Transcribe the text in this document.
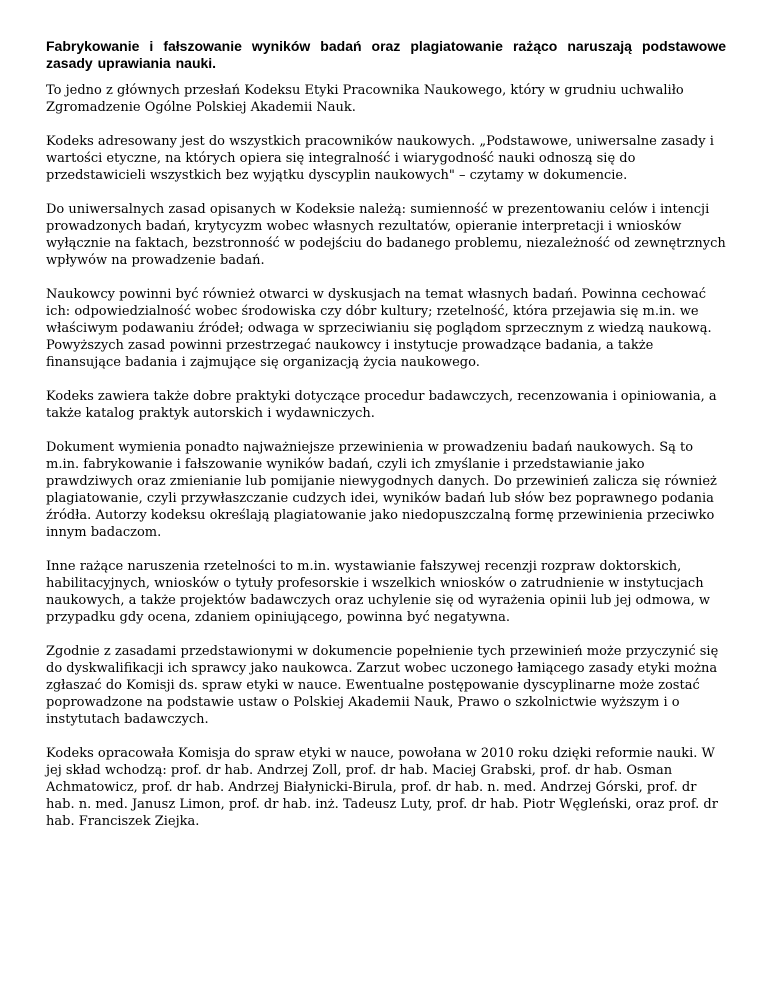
Fabrykowanie i fałszowanie wyników badań oraz plagiatowanie rażąco naruszają podstawowe zasady uprawiania nauki.

To jedno z głównych przesłań Kodeksu Etyki Pracownika Naukowego, który w grudniu uchwaliło Zgromadzenie Ogólne Polskiej Akademii Nauk.

Kodeks adresowany jest do wszystkich pracowników naukowych. „Podstawowe, uniwersalne zasady i wartości etyczne, na których opiera się integralność i wiarygodność nauki odnoszą się do przedstawicieli wszystkich bez wyjątku dyscyplin naukowych" – czytamy w dokumencie.

Do uniwersalnych zasad opisanych w Kodeksie należą: sumienność w prezentowaniu celów i intencji prowadzonych badań, krytycyzm wobec własnych rezultatów, opieranie interpretacji i wniosków wyłącznie na faktach, bezstronność w podejściu do badanego problemu, niezależność od zewnętrznych wpływów na prowadzenie badań.

Naukowcy powinni być również otwarci w dyskusjach na temat własnych badań. Powinna cechować ich: odpowiedzialność wobec środowiska czy dóbr kultury; rzetelność, która przejawia się m.in. we właściwym podawaniu źródeł; odwaga w sprzeciwianiu się poglądom sprzecznym z wiedzą naukową. Powyższych zasad powinni przestrzegać naukowcy i instytucje prowadzące badania, a także finansujące badania i zajmujące się organizacją życia naukowego.

Kodeks zawiera także dobre praktyki dotyczące procedur badawczych, recenzowania i opiniowania, a także katalog praktyk autorskich i wydawniczych.

Dokument wymienia ponadto najważniejsze przewinienia w prowadzeniu badań naukowych. Są to m.in. fabrykowanie i fałszowanie wyników badań, czyli ich zmyślanie i przedstawianie jako prawdziwych oraz zmienianie lub pomijanie niewygodnych danych. Do przewinień zalicza się również plagiatowanie, czyli przywłaszczanie cudzych idei, wyników badań lub słów bez poprawnego podania źródła. Autorzy kodeksu określają plagiatowanie jako niedopuszczalną formę przewinienia przeciwko innym badaczom.

Inne rażące naruszenia rzetelności to m.in. wystawianie fałszywej recenzji rozpraw doktorskich, habilitacyjnych, wniosków o tytuły profesorskie i wszelkich wniosków o zatrudnienie w instytucjach naukowych, a także projektów badawczych oraz uchylenie się od wyrażenia opinii lub jej odmowa, w przypadku gdy ocena, zdaniem opiniującego, powinna być negatywna.

Zgodnie z zasadami przedstawionymi w dokumencie popełnienie tych przewinień może przyczynić się do dyskwalifikacji ich sprawcy jako naukowca. Zarzut wobec uczonego łamiącego zasady etyki można zgłaszać do Komisji ds. spraw etyki w nauce. Ewentualne postępowanie dyscyplinarne może zostać poprowadzone na podstawie ustaw o Polskiej Akademii Nauk, Prawo o szkolnictwie wyższym i o instytutach badawczych.

Kodeks opracowała Komisja do spraw etyki w nauce, powołana w 2010 roku dzięki reformie nauki. W jej skład wchodzą: prof. dr hab. Andrzej Zoll, prof. dr hab. Maciej Grabski, prof. dr hab. Osman Achmatowicz, prof. dr hab. Andrzej Białynicki-Birula, prof. dr hab. n. med. Andrzej Górski, prof. dr hab. n. med. Janusz Limon, prof. dr hab. inż. Tadeusz Luty, prof. dr hab. Piotr Węgleński, oraz prof. dr hab. Franciszek Ziejka.
